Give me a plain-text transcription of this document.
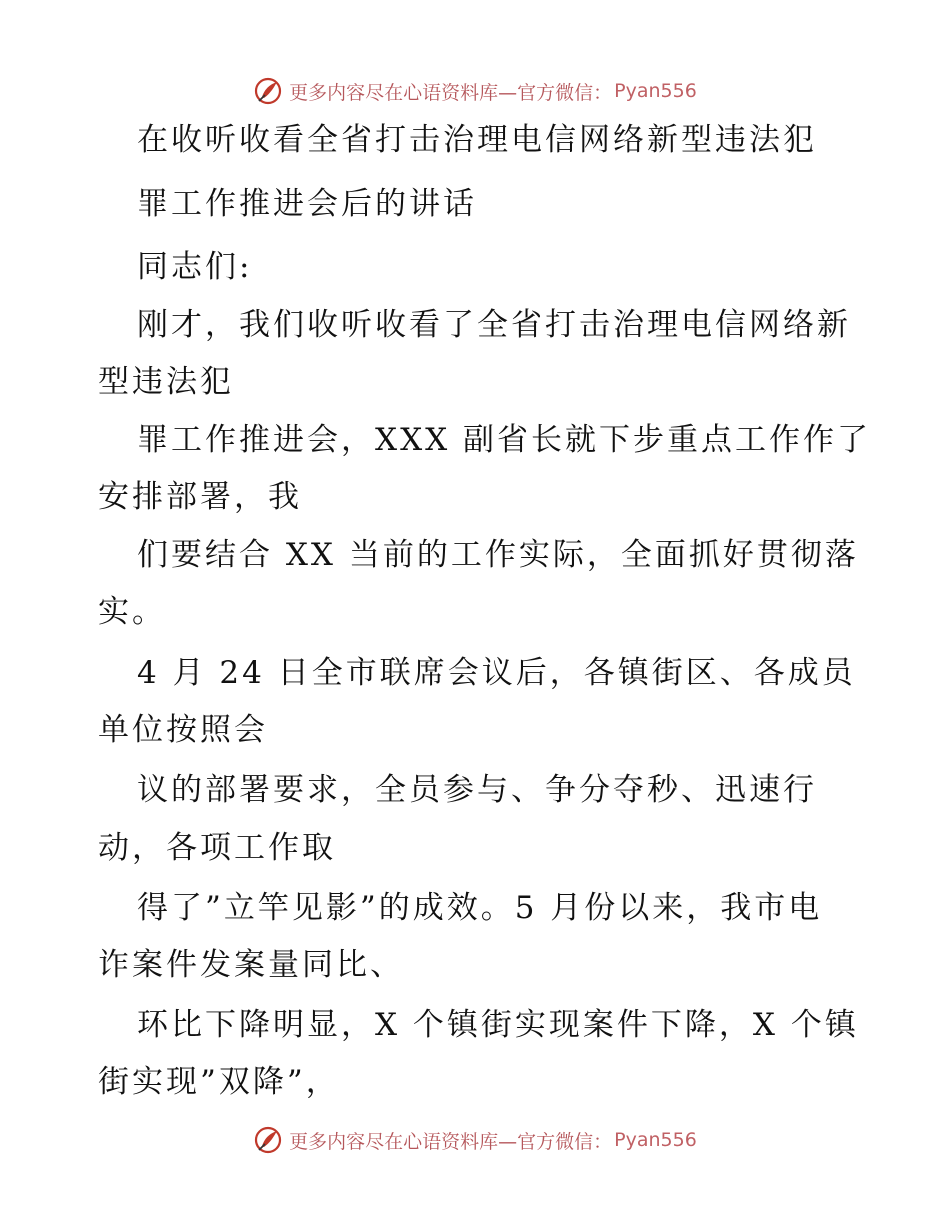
更多内容尽在心语资料库—官方微信： Pyan556
在收听收看全省打击治理电信网络新型违法犯
罪工作推进会后的讲话
同志们:
刚才，我们收听收看了全省打击治理电信网络新
型违法犯
罪工作推进会，XXX 副省长就下步重点工作作了
安排部署，我
们要结合 XX 当前的工作实际，全面抓好贯彻落
实。
4 月 24 日全市联席会议后，各镇街区、各成员
单位按照会
议的部署要求，全员参与、争分夺秒、迅速行
动，各项工作取
得了”立竿见影”的成效。5 月份以来，我市电
诈案件发案量同比、
环比下降明显，X 个镇街实现案件下降，X 个镇
街实现”双降”，
更多内容尽在心语资料库—官方微信： Pyan556
